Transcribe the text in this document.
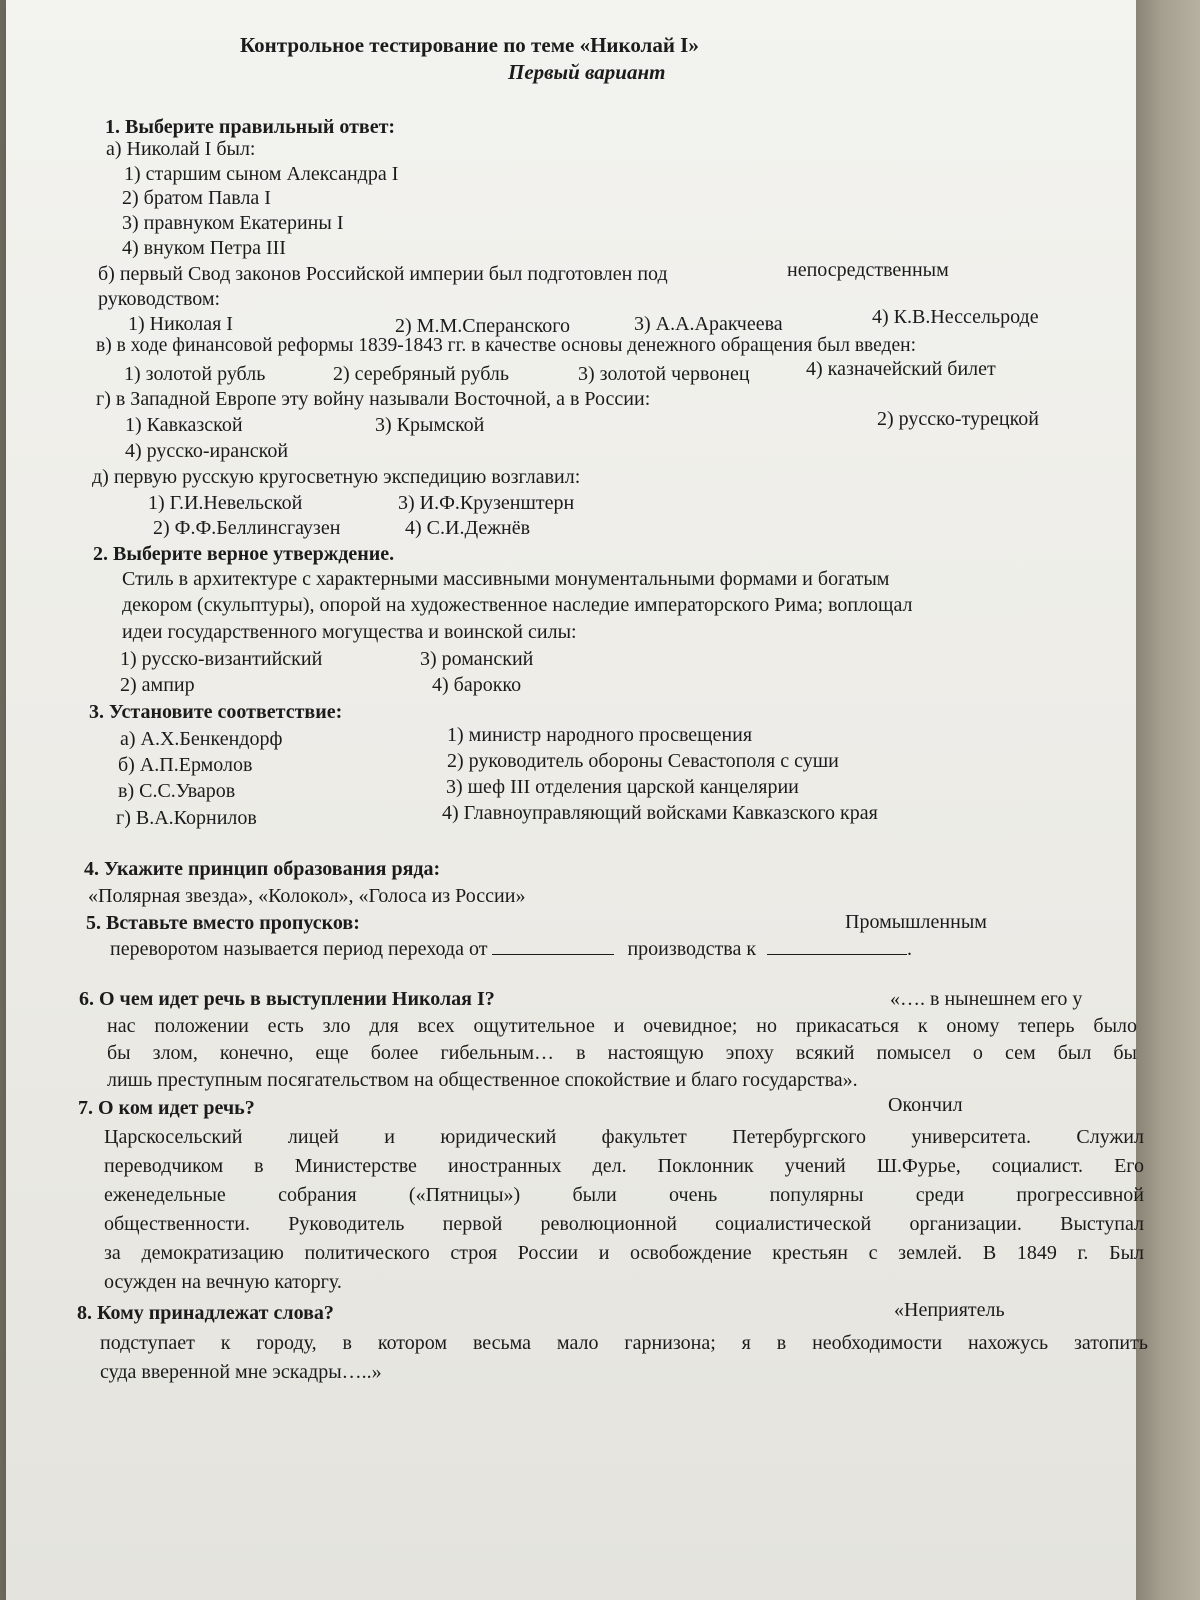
Контрольное тестирование по теме «Николай I»
Первый вариант
1. Выберите правильный ответ:
а) Николай I был:
1) старшим сыном Александра I
2) братом Павла I
3) правнуком Екатерины I
4) внуком Петра III
б) первый Свод законов Российской империи был подготовлен под	непосредственным
руководством:
1) Николая I	2) М.М.Сперанского	3) А.А.Аракчеева	4) К.В.Нессельроде
в) в ходе финансовой реформы 1839-1843 гг. в качестве основы денежного обращения был введен:
1) золотой рубль	2) серебряный рубль	3) золотой червонец	4) казначейский билет
г) в Западной Европе эту войну называли Восточной, а в России:
1) Кавказской	3) Крымской	2) русско-турецкой
4) русско-иранской
д) первую русскую кругосветную экспедицию возглавил:
1) Г.И.Невельской	3) И.Ф.Крузенштерн
2) Ф.Ф.Беллинсгаузен	4) С.И.Дежнёв
2. Выберите верное утверждение.
Стиль в архитектуре с характерными массивными монументальными формами и богатым
декором (скульптуры), опорой на художественное наследие императорского Рима; воплощал
идеи государственного могущества и воинской силы:
1) русско-византийский	3) романский
2) ампир	4) барокко
3. Установите соответствие:
а) А.Х.Бенкендорф
б) А.П.Ермолов
в) С.С.Уваров
г) В.А.Корнилов
1) министр народного просвещения
2) руководитель обороны Севастополя с суши
3) шеф III отделения царской канцелярии
4) Главноуправляющий войсками Кавказского края
4. Укажите принцип образования ряда:
«Полярная звезда», «Колокол», «Голоса из России»
5. Вставьте вместо пропусков:	Промышленным
переворотом называется период перехода от	производства к	.
6. О чем идет речь в выступлении Николая I?	«…. в нынешнем его у
нас положении есть зло для всех ощутительное и очевидное; но прикасаться к оному теперь было
бы злом, конечно, еще более гибельным… в настоящую эпоху всякий помысел о сем был бы
лишь преступным посягательством на общественное спокойствие и благо государства».
7. О ком идет речь?	Окончил
Царскосельский лицей и юридический факультет Петербургского университета. Служил
переводчиком в Министерстве иностранных дел. Поклонник учений Ш.Фурье, социалист. Его
еженедельные собрания («Пятницы») были очень популярны среди прогрессивной
общественности. Руководитель первой революционной социалистической организации. Выступал
за демократизацию политического строя России и освобождение крестьян с землей. В 1849 г. Был
осужден на вечную каторгу.
8. Кому принадлежат слова?	«Неприятель
подступает к городу, в котором весьма мало гарнизона; я в необходимости нахожусь затопить
суда вверенной мне эскадры…..»
